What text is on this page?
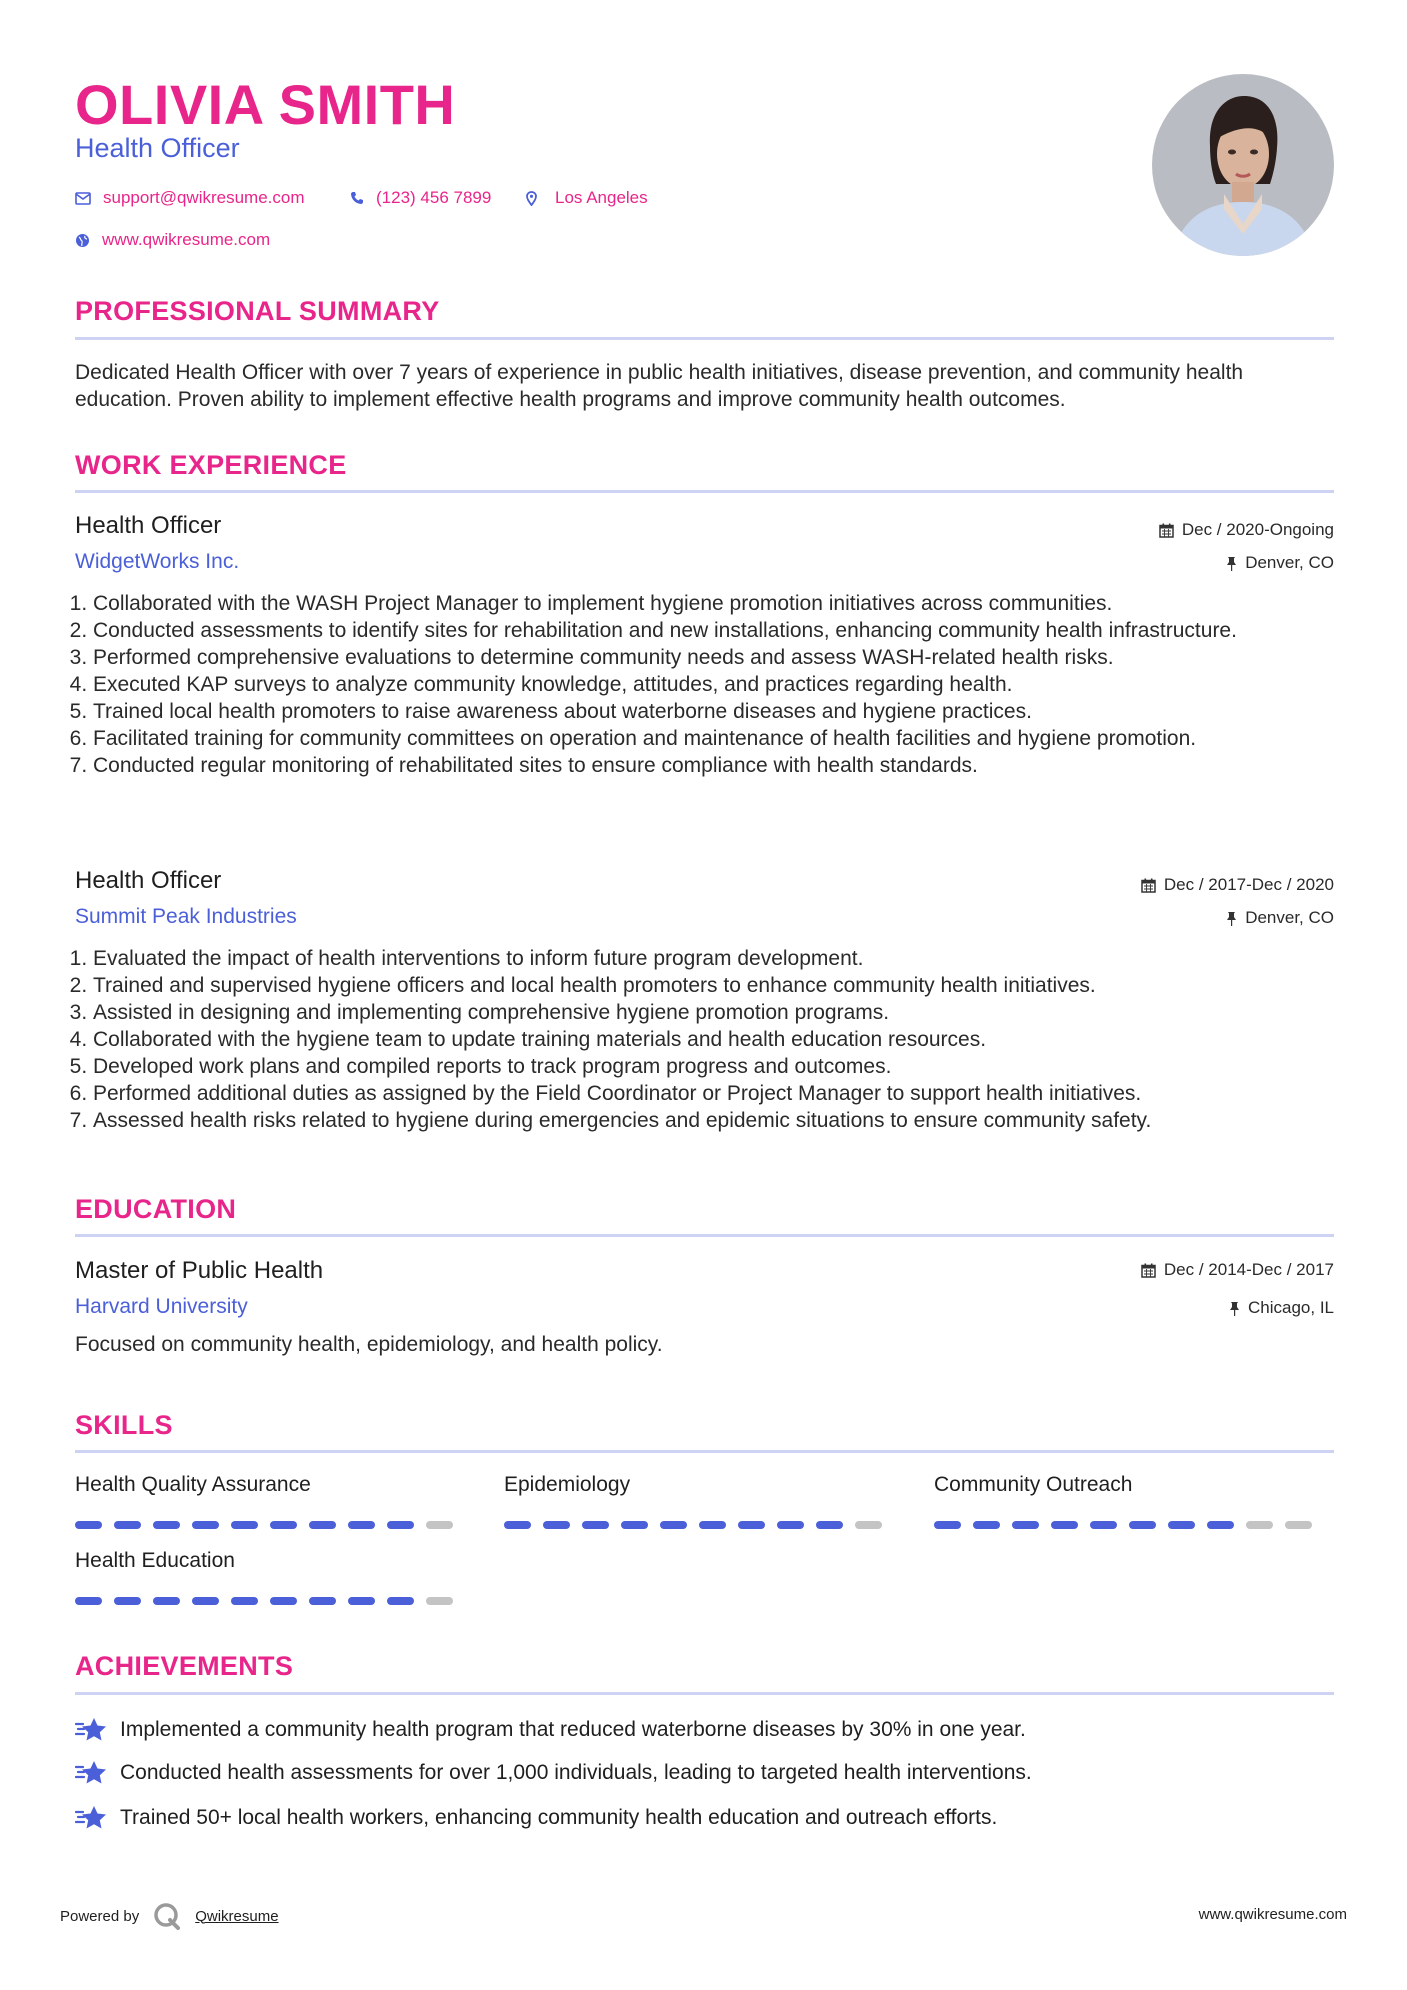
OLIVIA SMITH
Health Officer
support@qwikresume.com	(123) 456 7899	Los Angeles
www.qwikresume.com
PROFESSIONAL SUMMARY
Dedicated Health Officer with over 7 years of experience in public health initiatives, disease prevention, and community health education. Proven ability to implement effective health programs and improve community health outcomes.
WORK EXPERIENCE
Health Officer	Dec / 2020-Ongoing
WidgetWorks Inc.	Denver, CO
1. Collaborated with the WASH Project Manager to implement hygiene promotion initiatives across communities.
2. Conducted assessments to identify sites for rehabilitation and new installations, enhancing community health infrastructure.
3. Performed comprehensive evaluations to determine community needs and assess WASH-related health risks.
4. Executed KAP surveys to analyze community knowledge, attitudes, and practices regarding health.
5. Trained local health promoters to raise awareness about waterborne diseases and hygiene practices.
6. Facilitated training for community committees on operation and maintenance of health facilities and hygiene promotion.
7. Conducted regular monitoring of rehabilitated sites to ensure compliance with health standards.
Health Officer	Dec / 2017-Dec / 2020
Summit Peak Industries	Denver, CO
1. Evaluated the impact of health interventions to inform future program development.
2. Trained and supervised hygiene officers and local health promoters to enhance community health initiatives.
3. Assisted in designing and implementing comprehensive hygiene promotion programs.
4. Collaborated with the hygiene team to update training materials and health education resources.
5. Developed work plans and compiled reports to track program progress and outcomes.
6. Performed additional duties as assigned by the Field Coordinator or Project Manager to support health initiatives.
7. Assessed health risks related to hygiene during emergencies and epidemic situations to ensure community safety.
EDUCATION
Master of Public Health	Dec / 2014-Dec / 2017
Harvard University	Chicago, IL
Focused on community health, epidemiology, and health policy.
SKILLS
Health Quality Assurance	Epidemiology	Community Outreach
Health Education
ACHIEVEMENTS
Implemented a community health program that reduced waterborne diseases by 30% in one year.
Conducted health assessments for over 1,000 individuals, leading to targeted health interventions.
Trained 50+ local health workers, enhancing community health education and outreach efforts.
Powered by	Qwikresume	www.qwikresume.com
